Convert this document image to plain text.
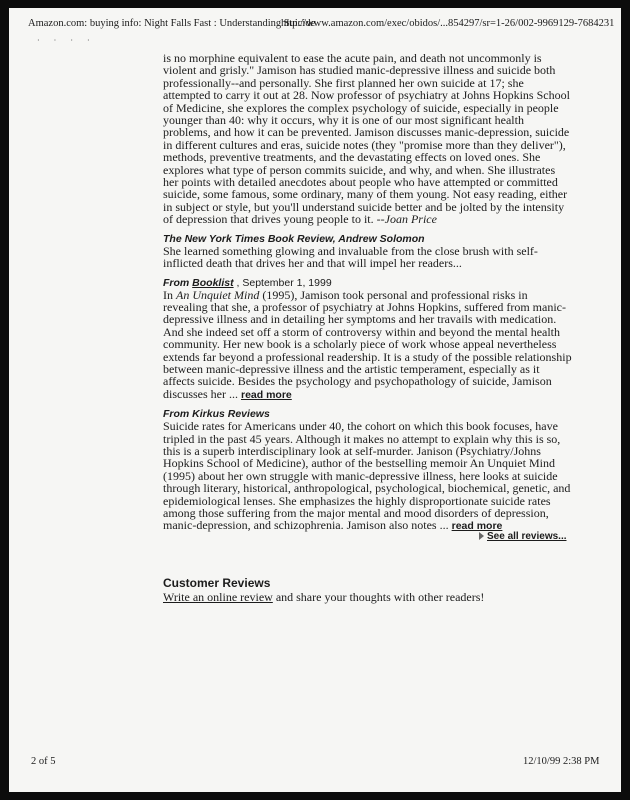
Amazon.com: buying info: Night Falls Fast : Understanding Suicide
http://www.amazon.com/exec/obidos/...854297/sr=1-26/002-9969129-7684231
· · · ·

is no morphine equivalent to ease the acute pain, and death not uncommonly is violent and grisly." Jamison has studied manic-depressive illness and suicide both professionally--and personally. She first planned her own suicide at 17; she attempted to carry it out at 28. Now professor of psychiatry at Johns Hopkins School of Medicine, she explores the complex psychology of suicide, especially in people younger than 40: why it occurs, why it is one of our most significant health problems, and how it can be prevented. Jamison discusses manic-depression, suicide in different cultures and eras, suicide notes (they "promise more than they deliver"), methods, preventive treatments, and the devastating effects on loved ones. She explores what type of person commits suicide, and why, and when. She illustrates her points with detailed anecdotes about people who have attempted or committed suicide, some famous, some ordinary, many of them young. Not easy reading, either in subject or style, but you'll understand suicide better and be jolted by the intensity of depression that drives young people to it. --Joan Price

The New York Times Book Review, Andrew Solomon

She learned something glowing and invaluable from the close brush with self-inflicted death that drives her and that will impel her readers...

From Booklist , September 1, 1999

In An Unquiet Mind (1995), Jamison took personal and professional risks in revealing that she, a professor of psychiatry at Johns Hopkins, suffered from manic-depressive illness and in detailing her symptoms and her travails with medication. And she indeed set off a storm of controversy within and beyond the mental health community. Her new book is a scholarly piece of work whose appeal nevertheless extends far beyond a professional readership. It is a study of the possible relationship between manic-depressive illness and the artistic temperament, especially as it affects suicide. Besides the psychology and psychopathology of suicide, Jamison discusses her ... read more

From Kirkus Reviews

Suicide rates for Americans under 40, the cohort on which this book focuses, have tripled in the past 45 years. Although it makes no attempt to explain why this is so, this is a superb interdisciplinary look at self-murder. Janison (Psychiatry/Johns Hopkins School of Medicine), author of the bestselling memoir An Unquiet Mind (1995) about her own struggle with manic-depressive illness, here looks at suicide through literary, historical, anthropological, psychological, biochemical, genetic, and epidemiological lenses. She emphasizes the highly disproportionate suicide rates among those suffering from the major mental and mood disorders of depression, manic-depression, and schizophrenia. Jamison also notes ... read more

See all reviews...
Customer Reviews
Write an online review and share your thoughts with other readers!
2 of 5	12/10/99 2:38 PM
